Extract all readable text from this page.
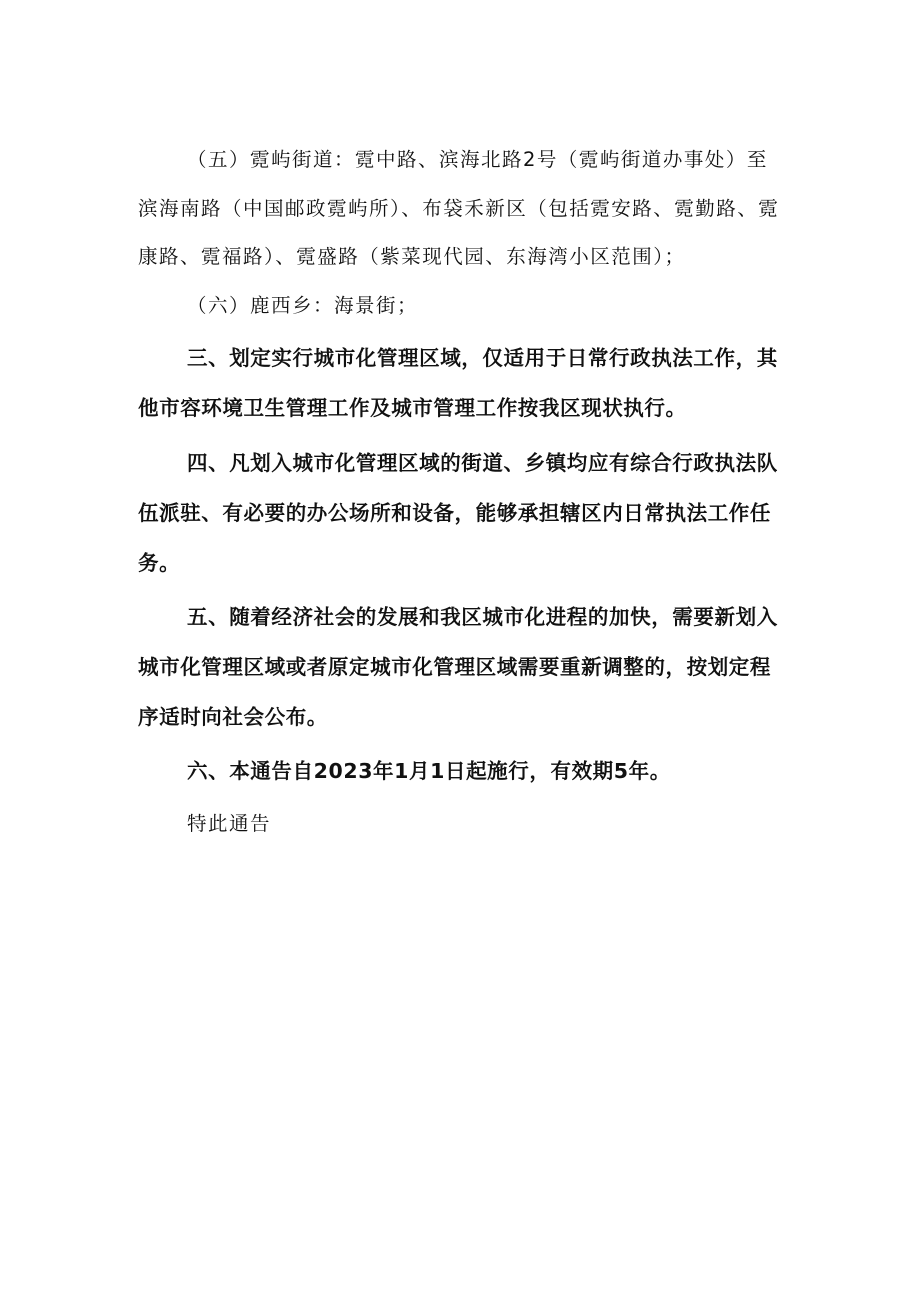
（五）霓屿街道：霓中路、滨海北路2号（霓屿街道办事处）至滨海南路（中国邮政霓屿所）、布袋禾新区（包括霓安路、霓勤路、霓康路、霓福路）、霓盛路（紫菜现代园、东海湾小区范围）；

（六）鹿西乡：海景街；

三、划定实行城市化管理区域，仅适用于日常行政执法工作，其他市容环境卫生管理工作及城市管理工作按我区现状执行。

四、凡划入城市化管理区域的街道、乡镇均应有综合行政执法队伍派驻、有必要的办公场所和设备，能够承担辖区内日常执法工作任务。

五、随着经济社会的发展和我区城市化进程的加快，需要新划入城市化管理区域或者原定城市化管理区域需要重新调整的，按划定程序适时向社会公布。

六、本通告自2023年1月1日起施行，有效期5年。

特此通告
